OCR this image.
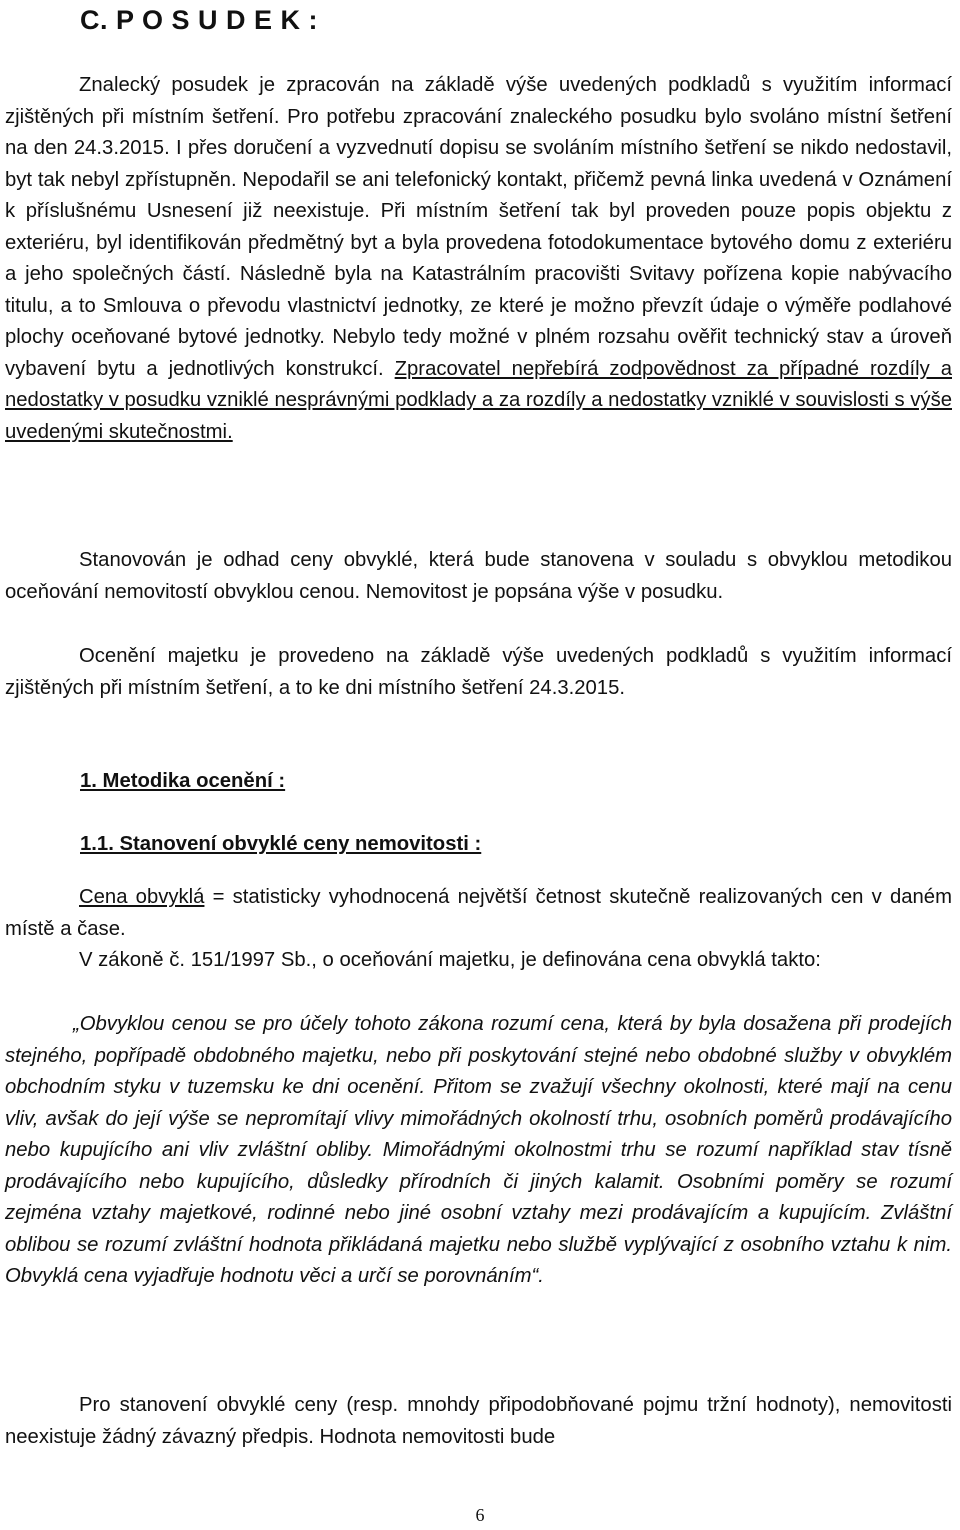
C. P O S U D E K :

Znalecký posudek je zpracován na základě výše uvedených podkladů s využitím informací zjištěných při místním šetření. Pro potřebu zpracování znaleckého posudku bylo svoláno místní šetření na den 24.3.2015. I přes doručení a vyzvednutí dopisu se svoláním místního šetření se nikdo nedostavil, byt tak nebyl zpřístupněn. Nepodařil se ani telefonický kontakt, přičemž pevná linka uvedená v Oznámení k příslušnému Usnesení již neexistuje. Při místním šetření tak byl proveden pouze popis objektu z exteriéru, byl identifikován předmětný byt a byla provedena fotodokumentace bytového domu z exteriéru a jeho společných částí. Následně byla na Katastrálním pracovišti Svitavy pořízena kopie nabývacího titulu, a to Smlouva o převodu vlastnictví jednotky, ze které je možno převzít údaje o výměře podlahové plochy oceňované bytové jednotky. Nebylo tedy možné v plném rozsahu ověřit technický stav a úroveň vybavení bytu a jednotlivých konstrukcí. Zpracovatel nepřebírá zodpovědnost za případné rozdíly a nedostatky v posudku vzniklé nesprávnými podklady a za rozdíly a nedostatky vzniklé v souvislosti s výše uvedenými skutečnostmi.

Stanovován je odhad ceny obvyklé, která bude stanovena v souladu s obvyklou metodikou oceňování nemovitostí obvyklou cenou. Nemovitost je popsána výše v posudku.

Ocenění majetku je provedeno na základě výše uvedených podkladů s využitím informací zjištěných při místním šetření, a to ke dni místního šetření 24.3.2015.

1. Metodika ocenění :

1.1. Stanovení obvyklé ceny nemovitosti :

Cena obvyklá = statisticky vyhodnocená největší četnost skutečně realizovaných cen v daném místě a čase.

V zákoně č. 151/1997 Sb., o oceňování majetku, je definována cena obvyklá takto:

„Obvyklou cenou se pro účely tohoto zákona rozumí cena, která by byla dosažena při prodejích stejného, popřípadě obdobného majetku, nebo při poskytování stejné nebo obdobné služby v obvyklém obchodním styku v tuzemsku ke dni ocenění. Přitom se zvažují všechny okolnosti, které mají na cenu vliv, avšak do její výše se nepromítají vlivy mimořádných okolností trhu, osobních poměrů prodávajícího nebo kupujícího ani vliv zvláštní obliby. Mimořádnými okolnostmi trhu se rozumí například stav tísně prodávajícího nebo kupujícího, důsledky přírodních či jiných kalamit. Osobními poměry se rozumí zejména vztahy majetkové, rodinné nebo jiné osobní vztahy mezi prodávajícím a kupujícím. Zvláštní oblibou se rozumí zvláštní hodnota přikládaná majetku nebo službě vyplývající z osobního vztahu k nim. Obvyklá cena vyjadřuje hodnotu věci a určí se porovnáním“.

Pro stanovení obvyklé ceny (resp. mnohdy připodobňované pojmu tržní hodnoty), nemovitosti neexistuje žádný závazný předpis. Hodnota nemovitosti bude

6
